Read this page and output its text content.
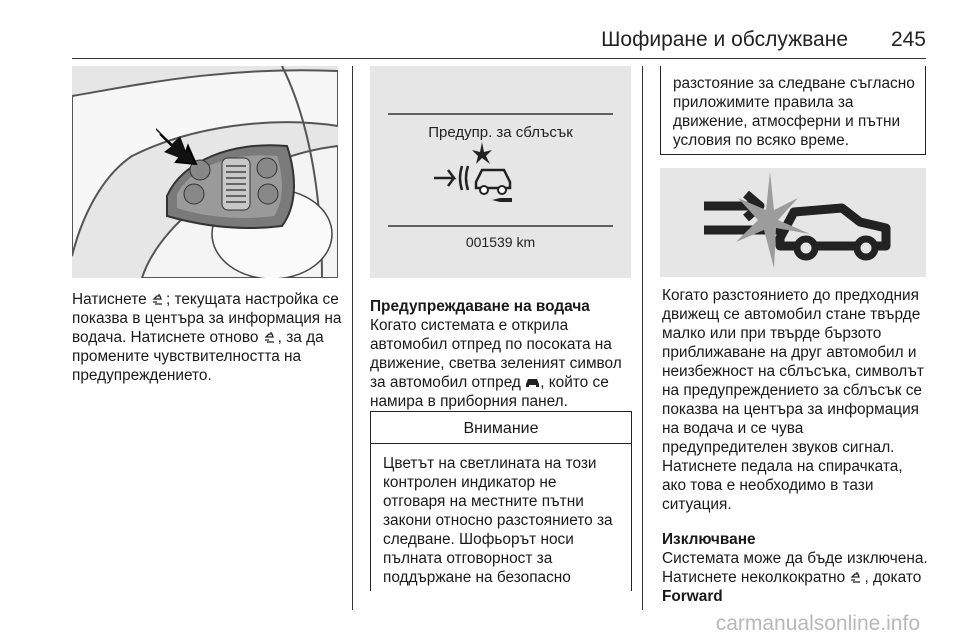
Шофиране и обслужване 245

Натиснете ; текущата настройка се показва в центъра за информация на водача. Натиснете отново , за да промените чувствителността на предупреждението.

Предупр. за сблъсък
001539 km

Предупреждаване на водача

Когато системата е открила автомобил отпред по посоката на движение, светва зеленият символ за автомобил отпред , който се намира в приборния панел.

Внимание

Цветът на светлината на този контролен индикатор не отговаря на местните пътни закони относно разстоянието за следване. Шофьорът носи пълната отговорност за поддържане на безопасно

разстояние за следване съгласно приложимите правила за движение, атмосферни и пътни условия по всяко време.

Когато разстоянието до предходния движещ се автомобил стане твърде малко или при твърде бързото приближаване на друг автомобил и неизбежност на сблъсъка, символът на предупреждението за сблъсък се показва на центъра за информация на водача и се чува предупредителен звуков сигнал. Натиснете педала на спирачката, ако това е необходимо в тази ситуация.

Изключване

Системата може да бъде изключена. Натиснете неколкократно , докато Forward

carmanualsonline.info
